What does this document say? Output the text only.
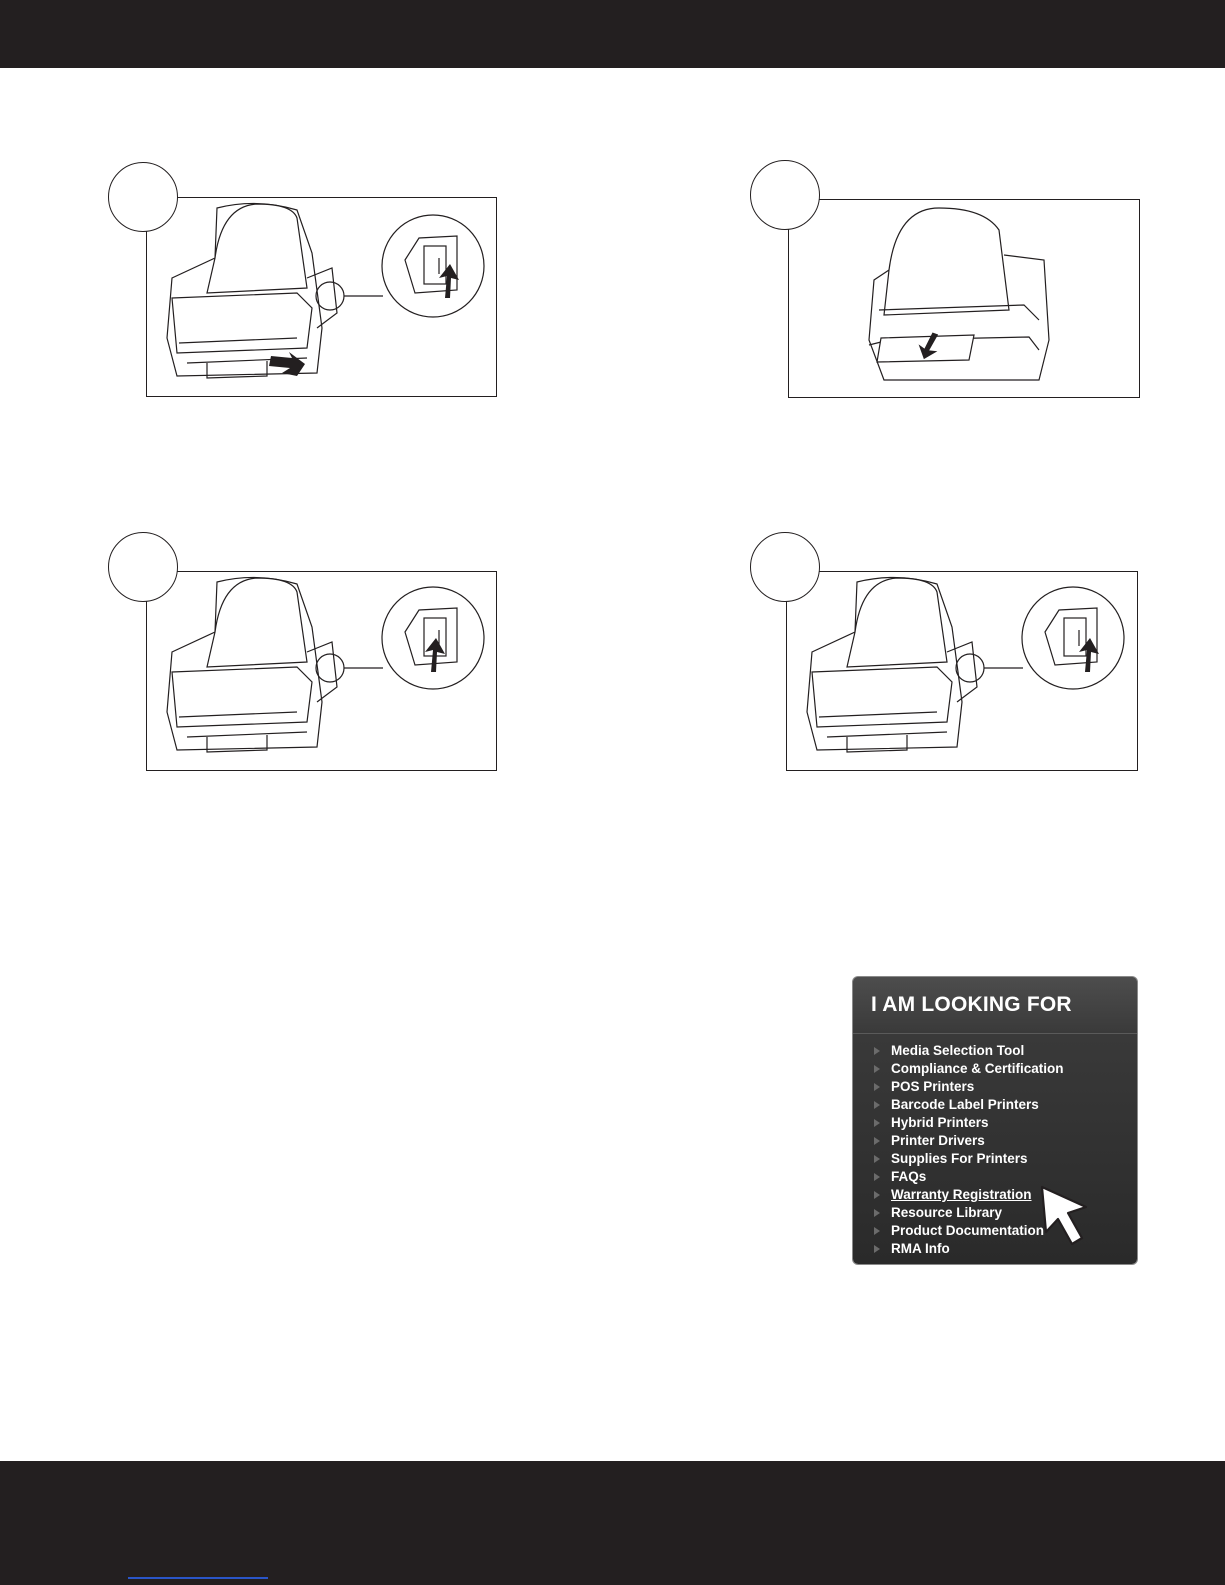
I AM LOOKING FOR
Media Selection Tool
Compliance & Certification
POS Printers
Barcode Label Printers
Hybrid Printers
Printer Drivers
Supplies For Printers
FAQs
Warranty Registration
Resource Library
Product Documentation
RMA Info
